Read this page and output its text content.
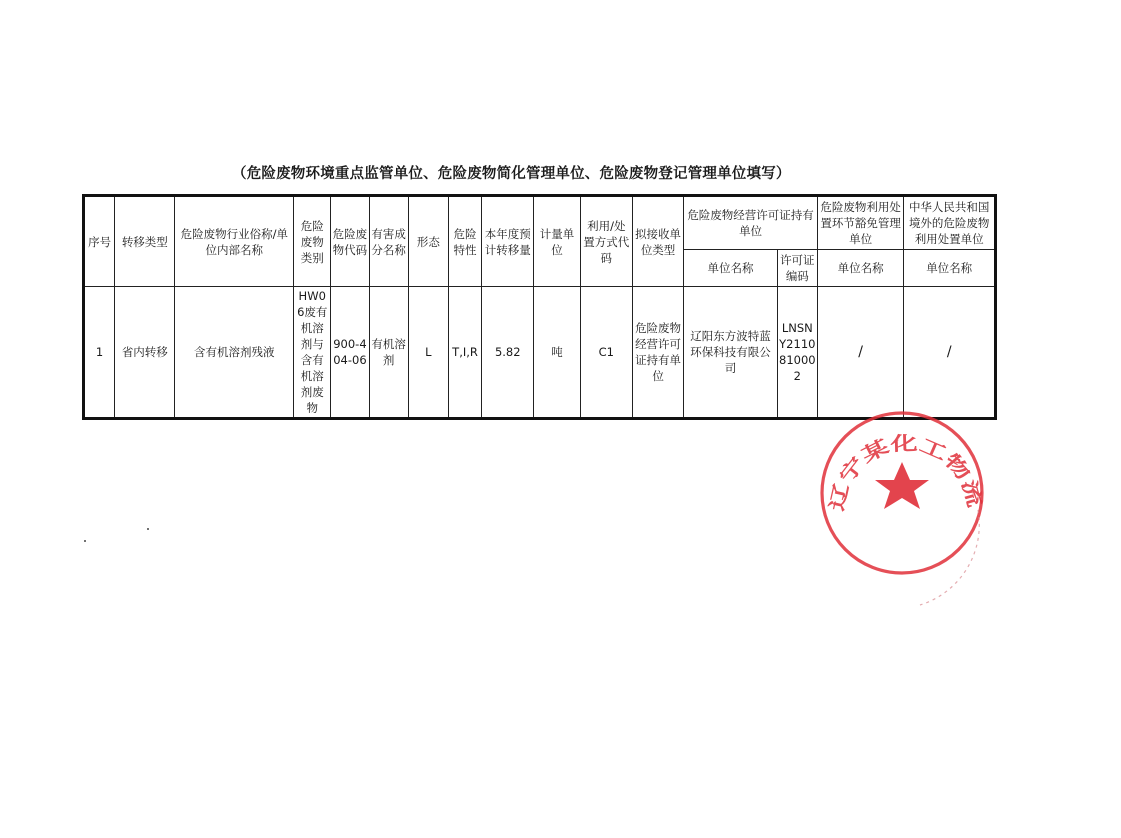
（危险废物环境重点监管单位、危险废物简化管理单位、危险废物登记管理单位填写）
序号	转移类型	危险废物行业俗称/单位内部名称	危险废物类别	危险废物代码	有害成分名称	形态	危险特性	本年度预计转移量	计量单位	利用/处置方式代码	拟接收单位类型	危险废物经营许可证持有单位		危险废物利用处置环节豁免管理单位	中华人民共和国境外的危险废物利用处置单位
												单位名称	许可证编码	单位名称	单位名称
1	省内转移	含有机溶剂残液	HW06废有机溶剂与含有机溶剂废物	900-404-06	有机溶剂	L	T,I,R	5.82	吨	C1	危险废物经营许可证持有单位	辽阳东方波特蓝环保科技有限公司	LNSNY2110810002	/	/
辽宁某化工物流
